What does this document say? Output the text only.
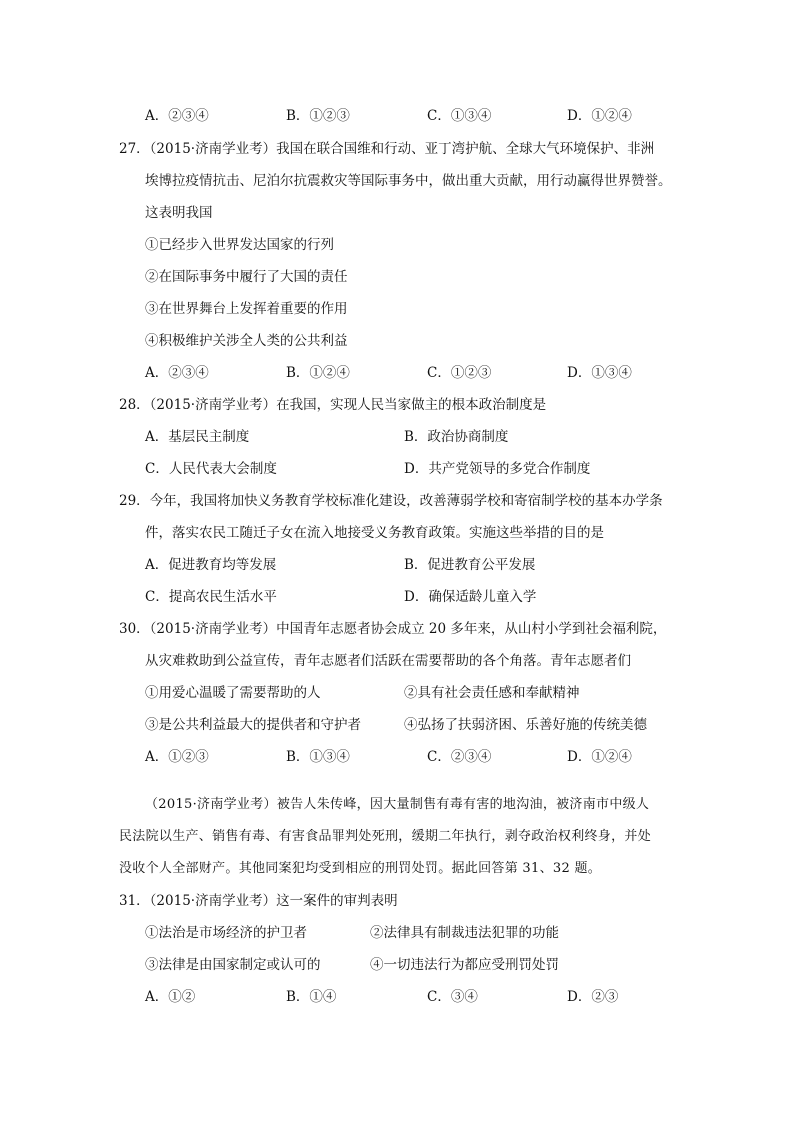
A．②③④	B．①②③	C．①③④	D．①②④
27．（2015·济南学业考）我国在联合国维和行动、亚丁湾护航、全球大气环境保护、非洲
埃博拉疫情抗击、尼泊尔抗震救灾等国际事务中，做出重大贡献，用行动赢得世界赞誉。
这表明我国
①已经步入世界发达国家的行列
②在国际事务中履行了大国的责任
③在世界舞台上发挥着重要的作用
④积极维护关涉全人类的公共利益
A．②③④	B．①②④	C．①②③	D．①③④
28．（2015·济南学业考）在我国，实现人民当家做主的根本政治制度是
A．基层民主制度	B．政治协商制度
C．人民代表大会制度	D．共产党领导的多党合作制度
29．今年，我国将加快义务教育学校标准化建设，改善薄弱学校和寄宿制学校的基本办学条
件，落实农民工随迁子女在流入地接受义务教育政策。实施这些举措的目的是
A．促进教育均等发展	B．促进教育公平发展
C．提高农民生活水平	D．确保适龄儿童入学
30．（2015·济南学业考）中国青年志愿者协会成立 20 多年来，从山村小学到社会福利院，
从灾难救助到公益宣传，青年志愿者们活跃在需要帮助的各个角落。青年志愿者们
①用爱心温暖了需要帮助的人	②具有社会责任感和奉献精神
③是公共利益最大的提供者和守护者	④弘扬了扶弱济困、乐善好施的传统美德
A．①②③	B．①③④	C．②③④	D．①②④
（2015·济南学业考）被告人朱传峰，因大量制售有毒有害的地沟油，被济南市中级人
民法院以生产、销售有毒、有害食品罪判处死刑，缓期二年执行，剥夺政治权利终身，并处
没收个人全部财产。其他同案犯均受到相应的刑罚处罚。据此回答第 31、32 题。
31．（2015·济南学业考）这一案件的审判表明
①法治是市场经济的护卫者	②法律具有制裁违法犯罪的功能
③法律是由国家制定或认可的	④一切违法行为都应受刑罚处罚
A．①②	B．①④	C．③④	D．②③
